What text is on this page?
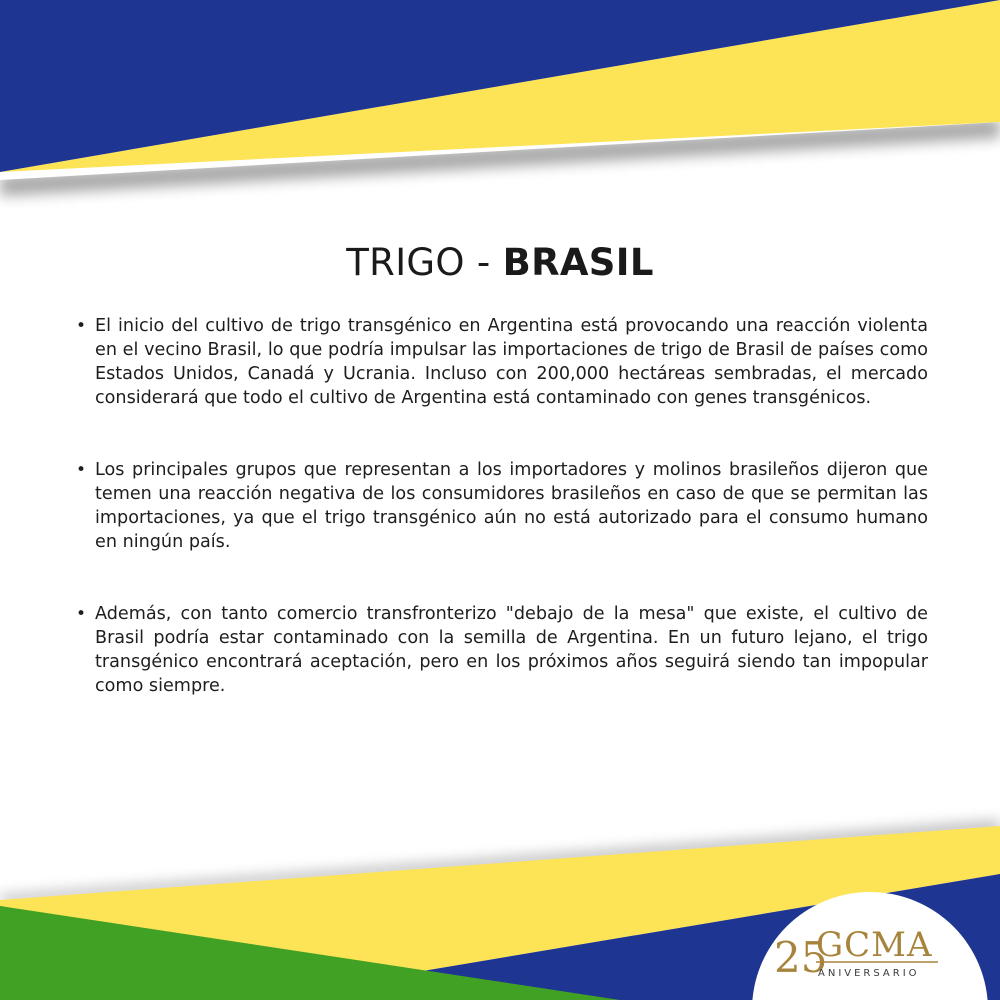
TRIGO - BRASIL
• El inicio del cultivo de trigo transgénico en Argentina está provocando una reacción violenta en el vecino Brasil, lo que podría impulsar las importaciones de trigo de Brasil de países como Estados Unidos, Canadá y Ucrania. Incluso con 200,000 hectáreas sembradas, el mercado considerará que todo el cultivo de Argentina está contaminado con genes transgénicos.
• Los principales grupos que representan a los importadores y molinos brasileños dijeron que temen una reacción negativa de los consumidores brasileños en caso de que se permitan las importaciones, ya que el trigo transgénico aún no está autorizado para el consumo humano en ningún país.
• Además, con tanto comercio transfronterizo "debajo de la mesa" que existe, el cultivo de Brasil podría estar contaminado con la semilla de Argentina. En un futuro lejano, el trigo transgénico encontrará aceptación, pero en los próximos años seguirá siendo tan impopular como siempre.
25
GCMA
ANIVERSARIO
